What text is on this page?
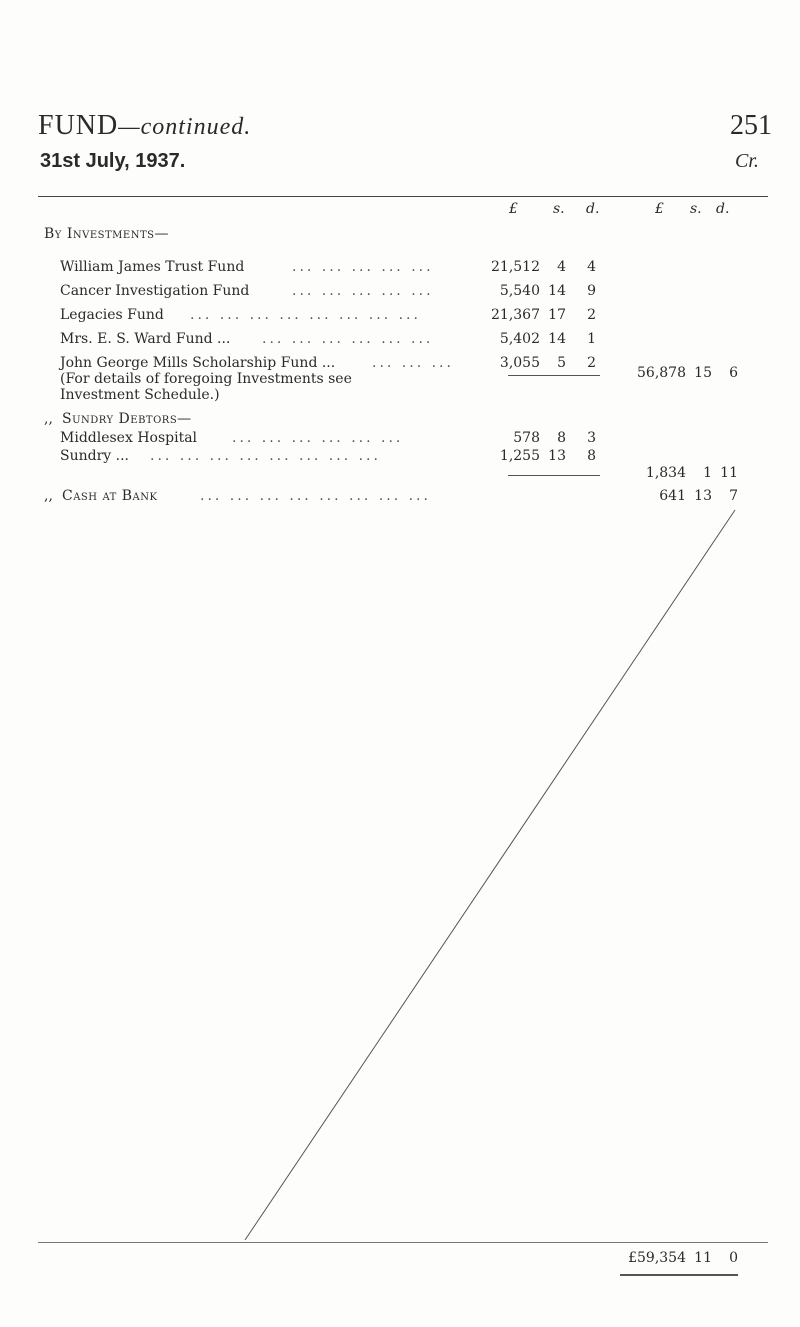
FUND—continued.	251
31st July, 1937.	Cr.
£	s. d.	£ s. d.
By Investments—
William James Trust Fund	... ... ... ... ...	21,512	4	4
Cancer Investigation Fund	... ... ... ... ...	5,540 14	9
Legacies Fund ... ... ... ... ... ... ... ...	21,367 17	2
Mrs. E. S. Ward Fund ... ... ... ... ... ... ...	5,402 14	1
John George Mills Scholarship Fund ...	... ... ...	3,055	5	2
(For details of foregoing Investments see
Investment Schedule.)
56,878 15	6
,, Sundry Debtors—
Middlesex Hospital ... ... ... ... ... ...	578	8	3
Sundry ... ... ... ... ... ... ... ... ...	1,255 13	8
1,834	1 11
,, Cash at Bank	... ... ... ... ... ... ... ...	641 13	7
£59,354 11	0
